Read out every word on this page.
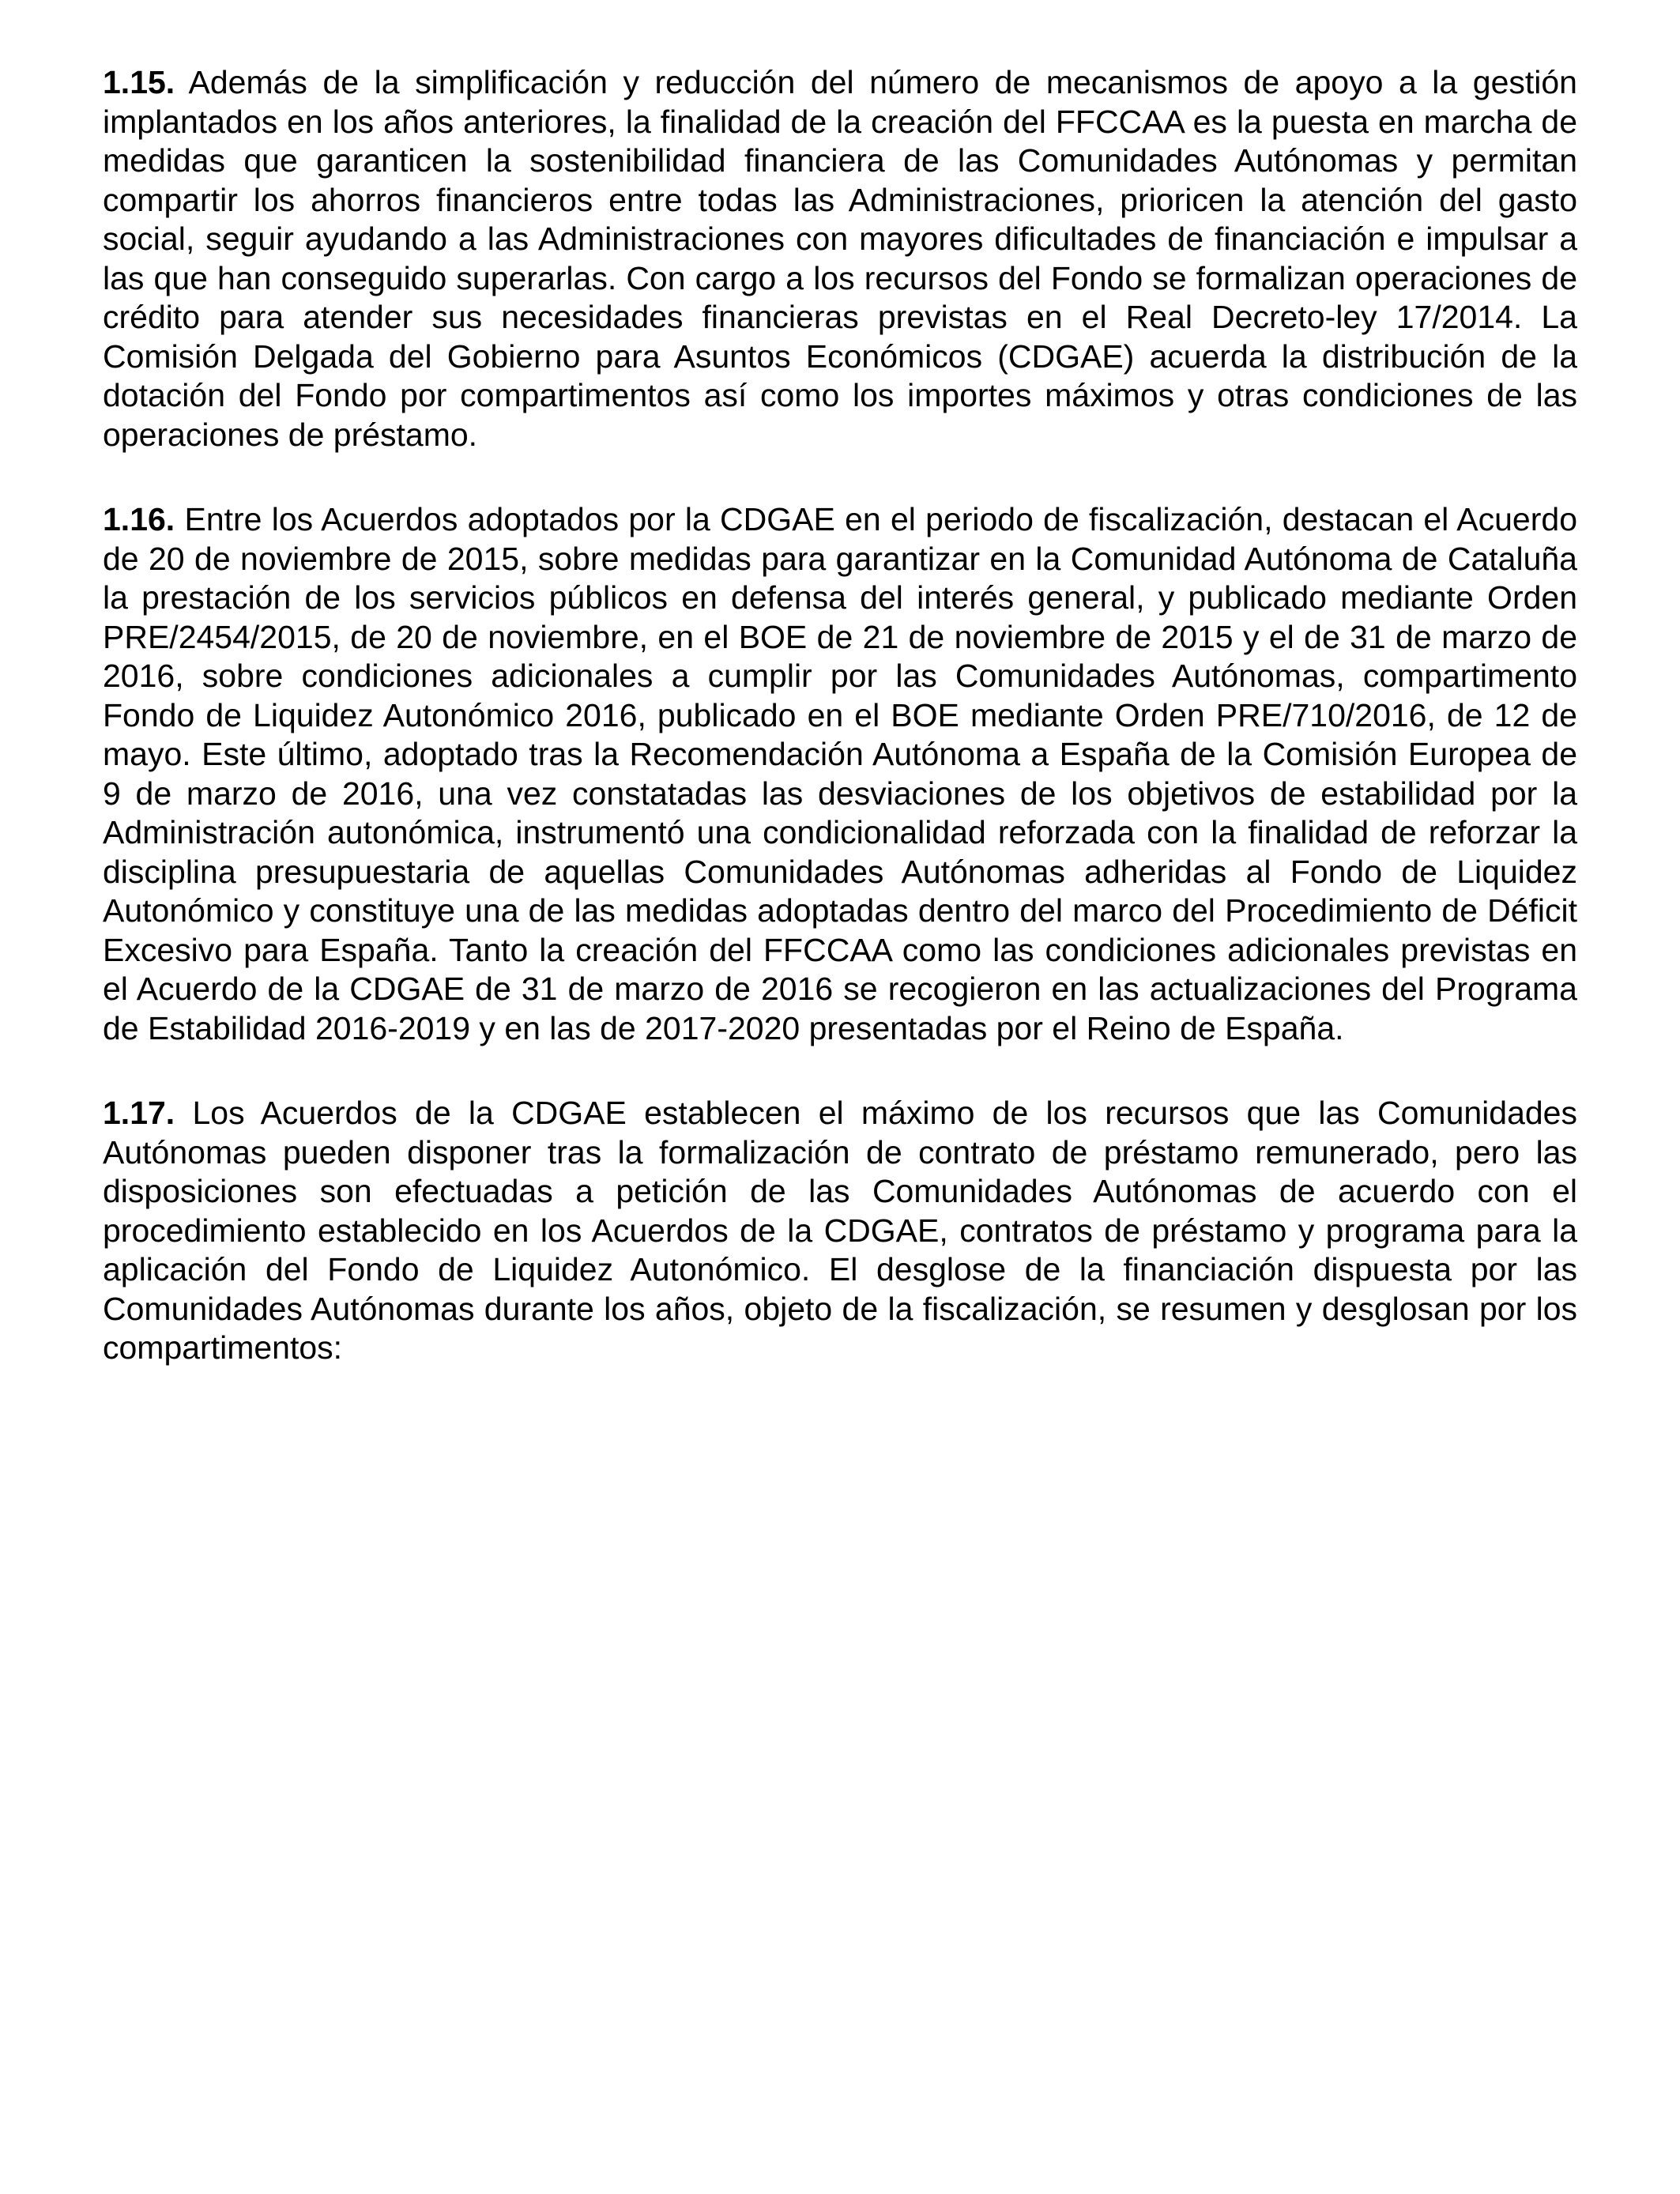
1.15. Además de la simplificación y reducción del número de mecanismos de apoyo a la gestión implantados en los años anteriores, la finalidad de la creación del FFCCAA es la puesta en marcha de medidas que garanticen la sostenibilidad financiera de las Comunidades Autónomas y permitan compartir los ahorros financieros entre todas las Administraciones, prioricen la atención del gasto social, seguir ayudando a las Administraciones con mayores dificultades de financiación e impulsar a las que han conseguido superarlas. Con cargo a los recursos del Fondo se formalizan operaciones de crédito para atender sus necesidades financieras previstas en el Real Decreto-ley 17/2014. La Comisión Delgada del Gobierno para Asuntos Económicos (CDGAE) acuerda la distribución de la dotación del Fondo por compartimentos así como los importes máximos y otras condiciones de las operaciones de préstamo.

1.16. Entre los Acuerdos adoptados por la CDGAE en el periodo de fiscalización, destacan el Acuerdo de 20 de noviembre de 2015, sobre medidas para garantizar en la Comunidad Autónoma de Cataluña la prestación de los servicios públicos en defensa del interés general, y publicado mediante Orden PRE/2454/2015, de 20 de noviembre, en el BOE de 21 de noviembre de 2015 y el de 31 de marzo de 2016, sobre condiciones adicionales a cumplir por las Comunidades Autónomas, compartimento Fondo de Liquidez Autonómico 2016, publicado en el BOE mediante Orden PRE/710/2016, de 12 de mayo. Este último, adoptado tras la Recomendación Autónoma a España de la Comisión Europea de 9 de marzo de 2016, una vez constatadas las desviaciones de los objetivos de estabilidad por la Administración autonómica, instrumentó una condicionalidad reforzada con la finalidad de reforzar la disciplina presupuestaria de aquellas Comunidades Autónomas adheridas al Fondo de Liquidez Autonómico y constituye una de las medidas adoptadas dentro del marco del Procedimiento de Déficit Excesivo para España. Tanto la creación del FFCCAA como las condiciones adicionales previstas en el Acuerdo de la CDGAE de 31 de marzo de 2016 se recogieron en las actualizaciones del Programa de Estabilidad 2016-2019 y en las de 2017-2020 presentadas por el Reino de España.

1.17. Los Acuerdos de la CDGAE establecen el máximo de los recursos que las Comunidades Autónomas pueden disponer tras la formalización de contrato de préstamo remunerado, pero las disposiciones son efectuadas a petición de las Comunidades Autónomas de acuerdo con el procedimiento establecido en los Acuerdos de la CDGAE, contratos de préstamo y programa para la aplicación del Fondo de Liquidez Autonómico. El desglose de la financiación dispuesta por las Comunidades Autónomas durante los años, objeto de la fiscalización, se resumen y desglosan por los compartimentos:
